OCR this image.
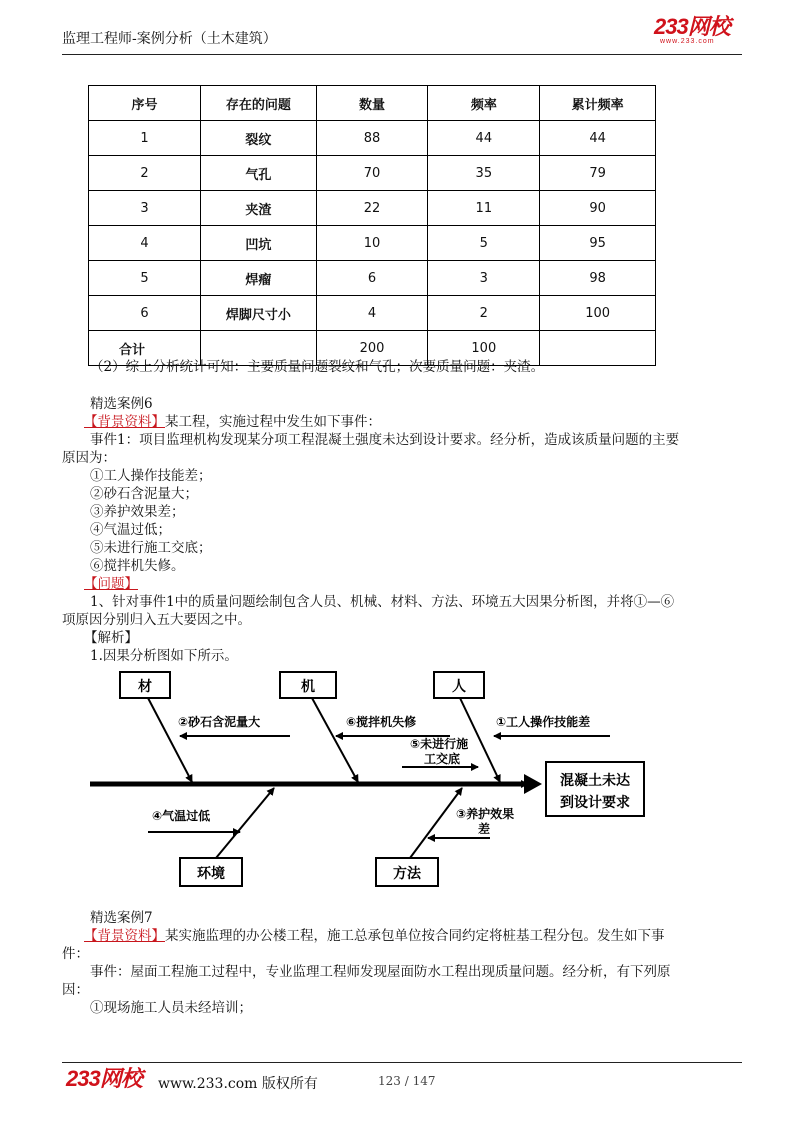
监理工程师-案例分析（土木建筑）	233网校
www.233.com
序号	存在的问题	数量	频率	累计频率
1	裂纹	88	44	44
2	气孔	70	35	79
3	夹渣	22	11	90
4	凹坑	10	5	95
5	焊瘤	6	3	98
6	焊脚尺寸小	4	2	100
合计		200	100	
（2）综上分析统计可知：主要质量问题裂纹和气孔；次要质量问题：夹渣。
精选案例6
【背景资料】某工程，实施过程中发生如下事件：
事件1：项目监理机构发现某分项工程混凝土强度未达到设计要求。经分析，造成该质量问题的主要
原因为：
①工人操作技能差；
②砂石含泥量大；
③养护效果差；
④气温过低；
⑤未进行施工交底；
⑥搅拌机失修。
【问题】
1、针对事件1中的质量问题绘制包含人员、机械、材料、方法、环境五大因果分析图，并将①—⑥
项原因分别归入五大要因之中。
【解析】
1.因果分析图如下所示。
混凝土未达
到设计要求
材	机	人
②砂石含泥量大	⑥搅拌机失修	①工人操作技能差
⑤未进行施
工交底
环境	方法
④气温过低	③养护效果
差
精选案例7
【背景资料】某实施监理的办公楼工程，施工总承包单位按合同约定将桩基工程分包。发生如下事
件：
事件：屋面工程施工过程中，专业监理工程师发现屋面防水工程出现质量问题。经分析，有下列原
因：
①现场施工人员未经培训；
233网校 www.233.com 版权所有	123 / 147
